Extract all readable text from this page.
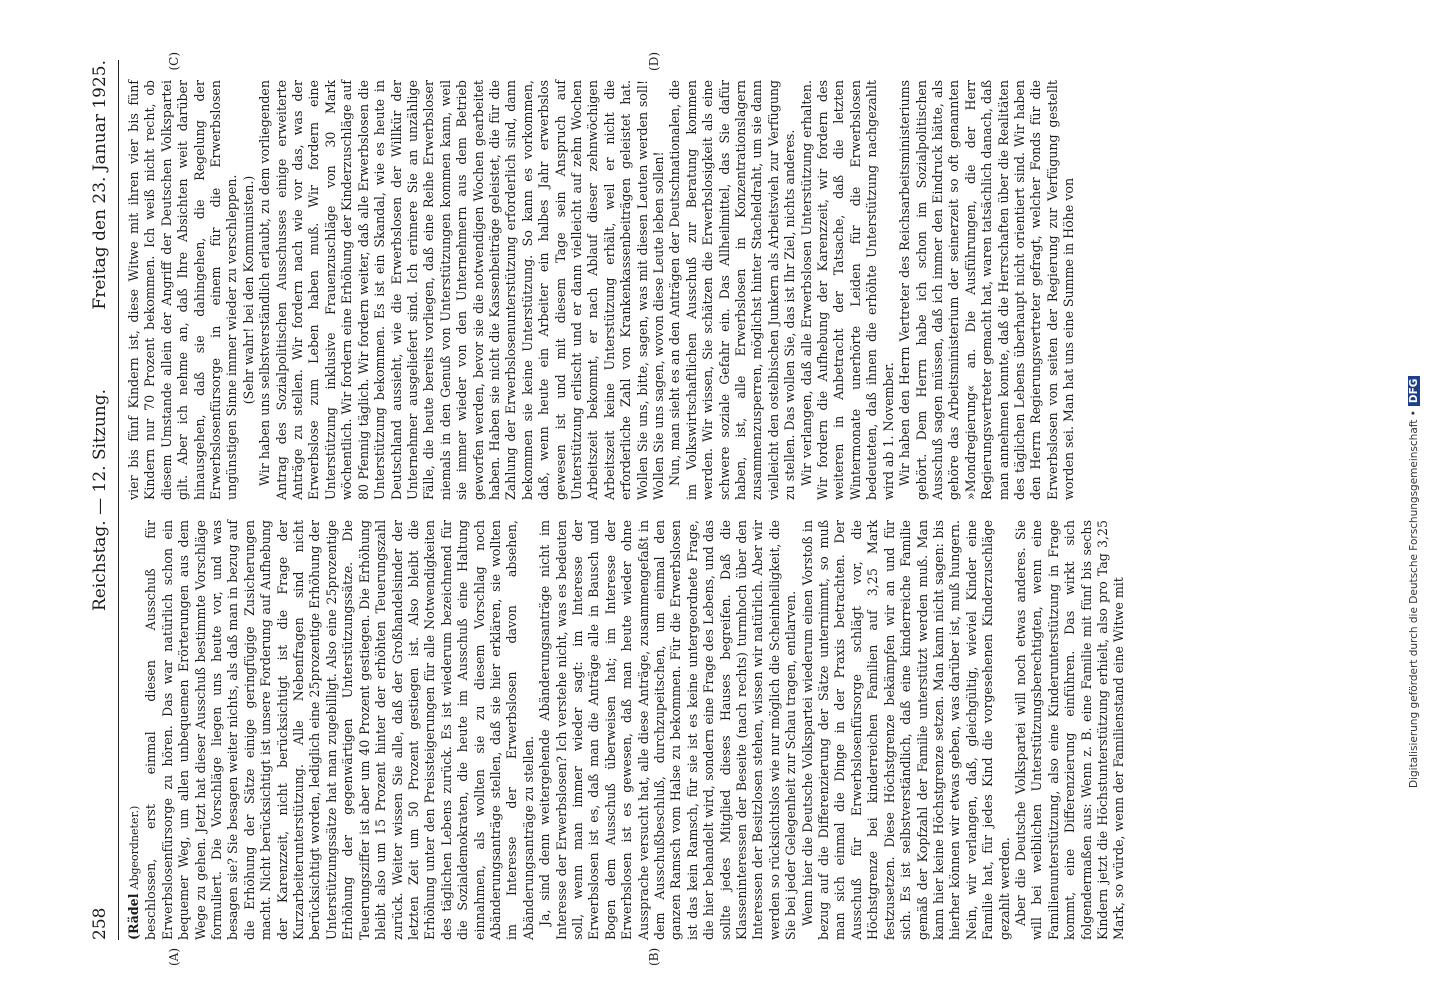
258
Reichstag. — 12. Sitzung.
Freitag den 23. Januar 1925.
(A)	(B)

(Rädel Abgeordneter.) beschlossen, erst einmal diesen Ausschuß für Erwerbslosenfürsorge zu hören. Das war natürlich schon ein bequemer Weg, um allen unbequemen Erörterungen aus dem Wege zu gehen. Jetzt hat dieser Ausschuß bestimmte Vorschläge formuliert. Die Vorschläge liegen uns heute vor, und was besagen sie? Sie besagen weiter nichts, als daß man in bezug auf die Erhöhung der Sätze einige geringfügige Zusicherungen macht. Nicht berücksichtigt ist unsere Forderung auf Aufhebung der Karenzzeit, nicht berücksichtigt ist die Frage der Kurzarbeiterunterstützung. Alle Nebenfragen sind nicht berücksichtigt worden, lediglich eine 25prozentige Erhöhung der Unterstützungssätze hat man zugebilligt. Also eine 25prozentige Erhöhung der gegenwärtigen Unterstützungssätze. Die Teuerungsziffer ist aber um 40 Prozent gestiegen. Die Erhöhung bleibt also um 15 Prozent hinter der erhöhten Teuerungszahl zurück. Weiter wissen Sie alle, daß der Großhandelsinder der letzten Zeit um 50 Prozent gestiegen ist. Also bleibt die Erhöhung unter den Preissteigerungen für alle Notwendigkeiten des täglichen Lebens zurück. Es ist wiederum bezeichnend für die Sozialdemokraten, die heute im Ausschuß eine Haltung einnahmen, als wollten sie zu diesem Vorschlag noch Abänderungsanträge stellen, daß sie hier erklären, sie wollten im Interesse der Erwerbslosen davon absehen, Abänderungsanträge zu stellen. Ja, sind denn weitergehende Abänderungsanträge nicht im Interesse der Erwerbslosen? Ich verstehe nicht, was es bedeuten soll, wenn man immer wieder sagt: im Interesse der Erwerbslosen ist es, daß man die Anträge alle in Bausch und Bogen dem Ausschuß überweisen hat; im Interesse der Erwerbslosen ist es gewesen, daß man heute wieder ohne Aussprache versucht hat, alle diese Anträge, zusammengefaßt in dem Ausschußbeschluß, durchzupeitschen, um einmal den ganzen Ramsch vom Halse zu bekommen. Für die Erwerbslosen ist das kein Ramsch, für sie ist es keine untergeordnete Frage, die hier behandelt wird, sondern eine Frage des Lebens, und das sollte jedes Mitglied dieses Hauses begreifen. Daß die Klasseninteressen der Beseite (nach rechts) turmhoch über den Interessen der Besitzlosen stehen, wissen wir natürlich. Aber wir werden so rücksichtslos wie nur möglich die Scheinheiligkeit, die Sie bei jeder Gelegenheit zur Schau tragen, entlarven. Wenn hier die Deutsche Volkspartei wiederum einen Vorstoß in bezug auf die Differenzierung der Sätze unternimmt, so muß man sich einmal die Dinge in der Praxis betrachten. Der Ausschuß für Erwerbslosenfürsorge schlägt vor, die Höchstgrenze bei kinderreichen Familien auf 3,25 Mark festzusetzen. Diese Höchstgrenze bekämpfen wir an und für sich. Es ist selbstverständlich, daß eine kinderreiche Familie gemäß der Kopfzahl der Familie unterstützt werden muß. Man kann hier keine Höchstgrenze setzen. Man kann nicht sagen: bis hierher können wir etwas geben, was darüber ist, muß hungern. Nein, wir verlangen, daß, gleichgültig, wieviel Kinder eine Familie hat, für jedes Kind die vorgesehenen Kinderzuschläge gezahlt werden. Aber die Deutsche Volkspartei will noch etwas anderes. Sie will bei weiblichen Unterstützungsberechtigten, wenn eine Familienunterstützung, also eine Kinderunterstützung in Frage kommt, eine Differenzierung einführen. Das wirkt sich folgendermaßen aus: Wenn z. B. eine Familie mit fünf bis sechs Kindern jetzt die Höchstunterstützung erhielt, also pro Tag 3,25 Mark, so würde, wenn der Familienstand eine Witwe mit

(C)	(D)

vier bis fünf Kindern ist, diese Witwe mit ihren vier bis fünf Kindern nur 70 Prozent bekommen. Ich weiß nicht recht, ob diesem Umstande allein der Angriff der Deutschen Volkspartei gilt. Aber ich nehme an, daß Ihre Absichten weit darüber hinausgehen, daß sie dahingehen, die Regelung der Erwerbslosenfürsorge in einem für die Erwerbslosen ungünstigen Sinne immer wieder zu verschleppen. (Sehr wahr! bei den Kommunisten.) Wir haben uns selbstverständlich erlaubt, zu dem vorliegenden Antrag des Sozialpolitischen Ausschusses einige erweiterte Anträge zu stellen. Wir fordern nach wie vor das, was der Erwerbslose zum Leben haben muß. Wir fordern eine Unterstützung inklusive Frauenzuschläge von 30 Mark wöchentlich. Wir fordern eine Erhöhung der Kinderzuschläge auf 80 Pfennig täglich. Wir fordern weiter, daß alle Erwerbslosen die Unterstützung bekommen. Es ist ein Skandal, wie es heute in Deutschland aussieht, wie die Erwerbslosen der Willkür der Unternehmer ausgeliefert sind. Ich erinnere Sie an unzählige Fälle, die heute bereits vorliegen, daß eine Reihe Erwerbsloser niemals in den Genuß von Unterstützungen kommen kann, weil sie immer wieder von den Unternehmern aus dem Betrieb geworfen werden, bevor sie die notwendigen Wochen gearbeitet haben. Haben sie nicht die Kassenbeiträge geleistet, die für die Zahlung der Erwerbslosenunterstützung erforderlich sind, dann bekommen sie keine Unterstützung. So kann es vorkommen, daß, wenn heute ein Arbeiter ein halbes Jahr erwerbslos gewesen ist und mit diesem Tage sein Anspruch auf Unterstützung erlischt und er dann vielleicht auf zehn Wochen Arbeitszeit bekommt, er nach Ablauf dieser zehnwöchigen Arbeitszeit keine Unterstützung erhält, weil er nicht die erforderliche Zahl von Krankenkassenbeiträgen geleistet hat. Wollen Sie uns, bitte, sagen, was mit diesen Leuten werden soll! Wollen Sie uns sagen, wovon diese Leute leben sollen! Nun, man sieht es an den Anträgen der Deutschnationalen, die im Volkswirtschaftlichen Ausschuß zur Beratung kommen werden. Wir wissen, Sie schätzen die Erwerbslosigkeit als eine schwere soziale Gefahr ein. Das Allheilmittel, das Sie dafür haben, ist, alle Erwerbslosen in Konzentrationslagern zusammenzusperren, möglichst hinter Stacheldraht, um sie dann vielleicht den ostelbischen Junkern als Arbeitsvieh zur Verfügung zu stellen. Das wollen Sie, das ist Ihr Ziel, nichts anderes. Wir verlangen, daß alle Erwerbslosen Unterstützung erhalten. Wir fordern die Aufhebung der Karenzzeit, wir fordern des weiteren in Anbetracht der Tatsache, daß die letzten Wintermonate unerhörte Leiden für die Erwerbslosen bedeuteten, daß ihnen die erhöhte Unterstützung nachgezahlt wird ab 1. November. Wir haben den Herrn Vertreter des Reichsarbeitsministeriums gehört. Dem Herrn habe ich schon im Sozialpolitischen Ausschuß sagen müssen, daß ich immer den Eindruck hätte, als gehöre das Arbeitsministerium der seinerzeit so oft genannten »Mondregierung« an. Die Ausführungen, die der Herr Regierungsvertreter gemacht hat, waren tatsächlich danach, daß man annehmen konnte, daß die Herrschaften über die Realitäten des täglichen Lebens überhaupt nicht orientiert sind. Wir haben den Herrn Regierungsvertreter gefragt, welcher Fonds für die Erwerbslosen von seiten der Regierung zur Verfügung gestellt worden sei. Man hat uns eine Summe in Höhe von

Digitalisierung gefördert durch die Deutsche Forschungsgemeinschaft •DFG
